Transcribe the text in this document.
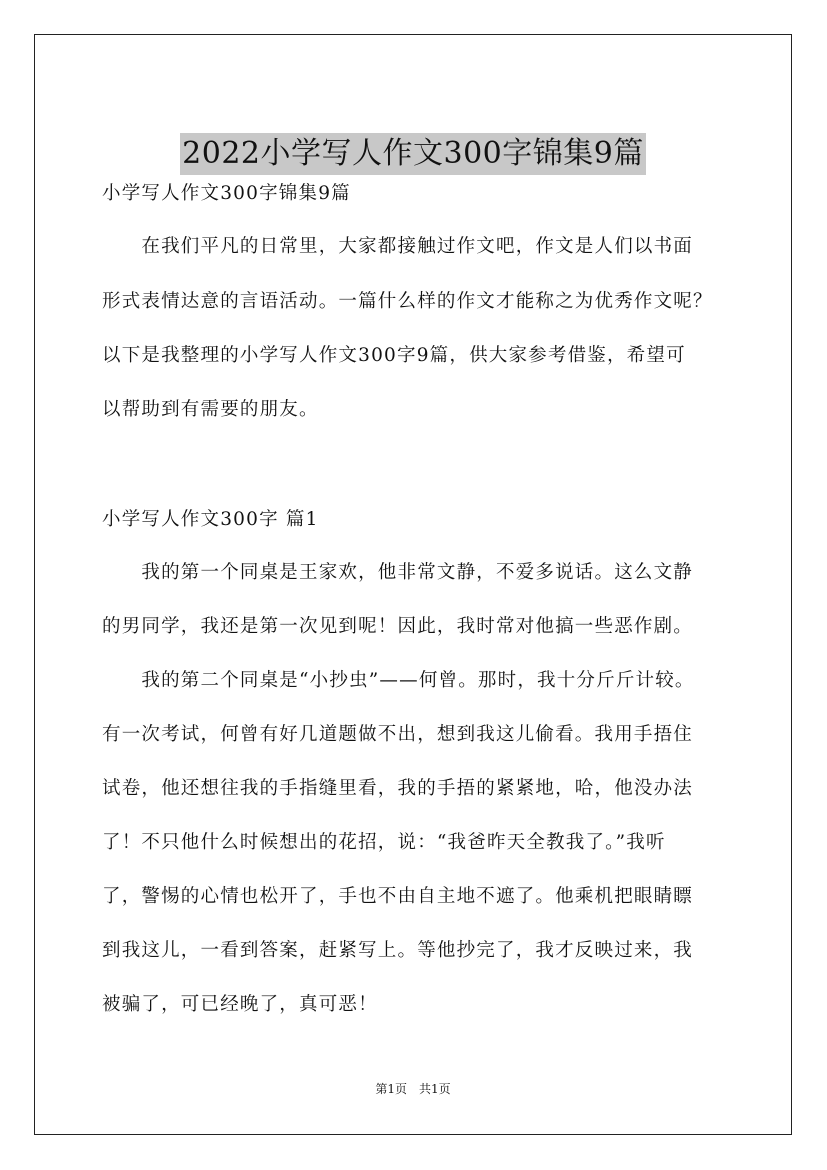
2022小学写人作文300字锦集9篇
小学写人作文300字锦集9篇
　　在我们平凡的日常里，大家都接触过作文吧，作文是人们以书面
形式表情达意的言语活动。一篇什么样的作文才能称之为优秀作文呢？
以下是我整理的小学写人作文300字9篇，供大家参考借鉴，希望可
以帮助到有需要的朋友。
小学写人作文300字 篇1
　　我的第一个同桌是王家欢，他非常文静，不爱多说话。这么文静
的男同学，我还是第一次见到呢！因此，我时常对他搞一些恶作剧。
　　我的第二个同桌是“小抄虫”——何曾。那时，我十分斤斤计较。
有一次考试，何曾有好几道题做不出，想到我这儿偷看。我用手捂住
试卷，他还想往我的手指缝里看，我的手捂的紧紧地，哈，他没办法
了！不只他什么时候想出的花招，说：“我爸昨天全教我了。”我听
了，警惕的心情也松开了，手也不由自主地不遮了。他乘机把眼睛瞟
到我这儿，一看到答案，赶紧写上。等他抄完了，我才反映过来，我
被骗了，可已经晚了，真可恶！
第1页　共1页
